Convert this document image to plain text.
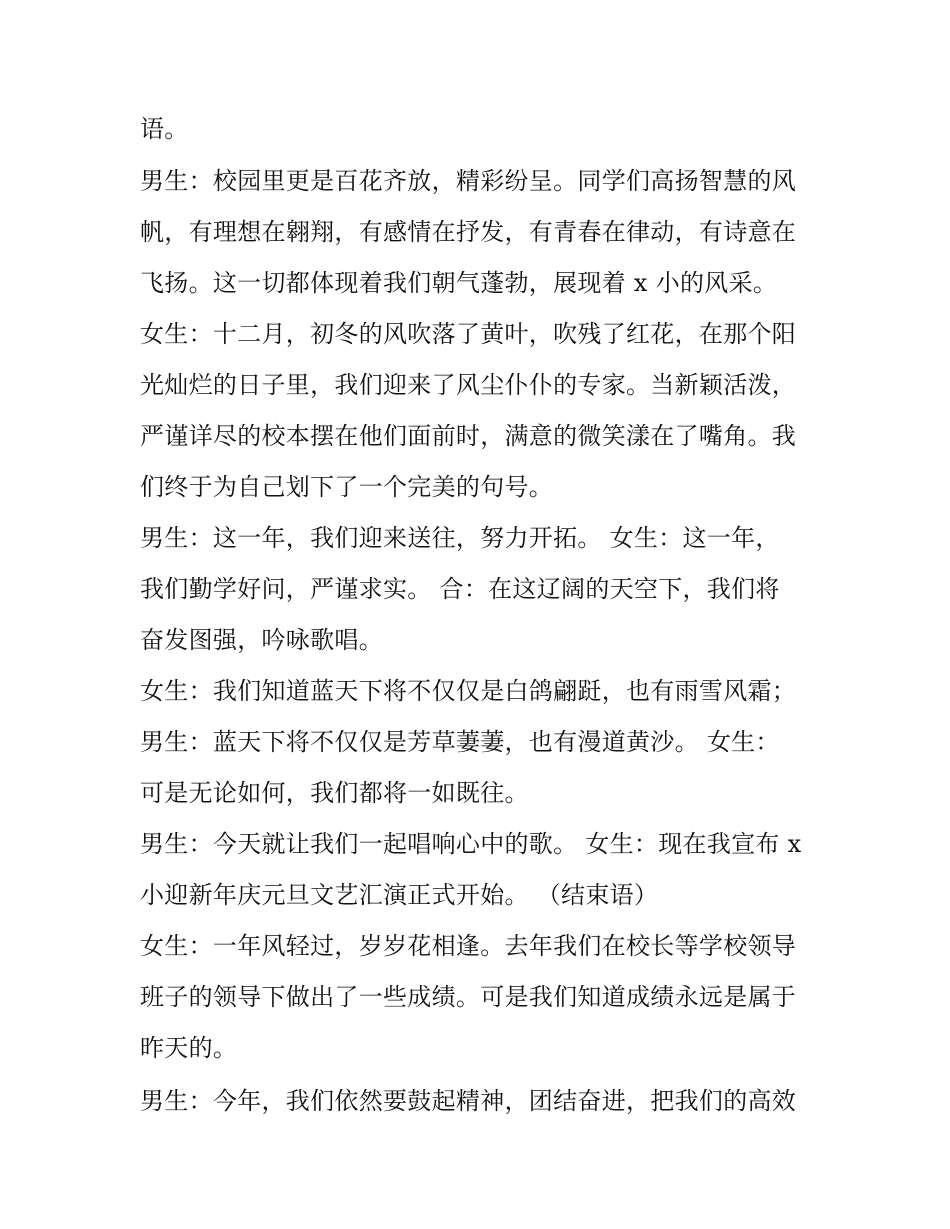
语。
男生：校园里更是百花齐放，精彩纷呈。同学们高扬智慧的风
帆，有理想在翱翔，有感情在抒发，有青春在律动，有诗意在
飞扬。这一切都体现着我们朝气蓬勃，展现着 x 小的风采。
女生：十二月，初冬的风吹落了黄叶，吹残了红花，在那个阳
光灿烂的日子里，我们迎来了风尘仆仆的专家。当新颖活泼，
严谨详尽的校本摆在他们面前时，满意的微笑漾在了嘴角。我
们终于为自己划下了一个完美的句号。
男生：这一年，我们迎来送往，努力开拓。 女生：这一年，
我们勤学好问，严谨求实。 合：在这辽阔的天空下，我们将
奋发图强，吟咏歌唱。
女生：我们知道蓝天下将不仅仅是白鸽翩跹，也有雨雪风霜；
男生：蓝天下将不仅仅是芳草萋萋，也有漫道黄沙。 女生：
可是无论如何，我们都将一如既往。
男生：今天就让我们一起唱响心中的歌。 女生：现在我宣布 x
小迎新年庆元旦文艺汇演正式开始。 （结束语）
女生：一年风轻过，岁岁花相逢。去年我们在校长等学校领导
班子的领导下做出了一些成绩。可是我们知道成绩永远是属于
昨天的。
男生：今年，我们依然要鼓起精神，团结奋进，把我们的高效
